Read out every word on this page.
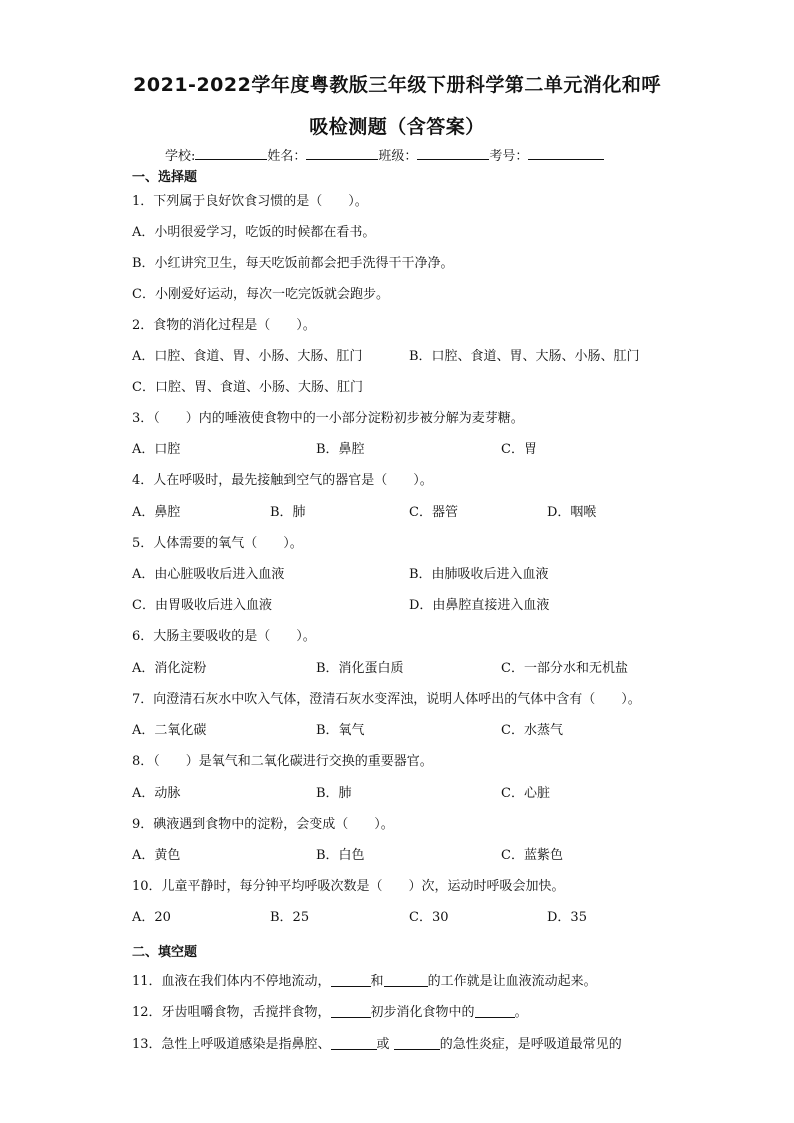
2021-2022学年度粤教版三年级下册科学第二单元消化和呼
吸检测题（含答案）
学校:	姓名：	班级：	考号：
一、选择题
1．下列属于良好饮食习惯的是（　　）。
A．小明很爱学习，吃饭的时候都在看书。
B．小红讲究卫生，每天吃饭前都会把手洗得干干净净。
C．小刚爱好运动，每次一吃完饭就会跑步。
2．食物的消化过程是（　　）。
A．口腔、食道、胃、小肠、大肠、肛门	B．口腔、食道、胃、大肠、小肠、肛门
C．口腔、胃、食道、小肠、大肠、肛门
3．（　　）内的唾液使食物中的一小部分淀粉初步被分解为麦芽糖。
A．口腔	B．鼻腔	C．胃
4．人在呼吸时，最先接触到空气的器官是（　　）。
A．鼻腔	B．肺	C．器管	D．咽喉
5．人体需要的氧气（　　）。
A．由心脏吸收后进入血液	B．由肺吸收后进入血液
C．由胃吸收后进入血液	D．由鼻腔直接进入血液
6．大肠主要吸收的是（　　）。
A．消化淀粉	B．消化蛋白质	C．一部分水和无机盐
7．向澄清石灰水中吹入气体，澄清石灰水变浑浊，说明人体呼出的气体中含有（　　）。
A．二氧化碳	B．氧气	C．水蒸气
8．（　　）是氧气和二氧化碳进行交换的重要器官。
A．动脉	B．肺	C．心脏
9．碘液遇到食物中的淀粉，会变成（　　）。
A．黄色	B．白色	C．蓝紫色
10．儿童平静时，每分钟平均呼吸次数是（　　）次，运动时呼吸会加快。
A．20	B．25	C．30	D．35
二、填空题
11．血液在我们体内不停地流动，	和	的工作就是让血液流动起来。
12．牙齿咀嚼食物，舌搅拌食物，	初步消化食物中的	。
13．急性上呼吸道感染是指鼻腔、	或	的急性炎症，是呼吸道最常见的
